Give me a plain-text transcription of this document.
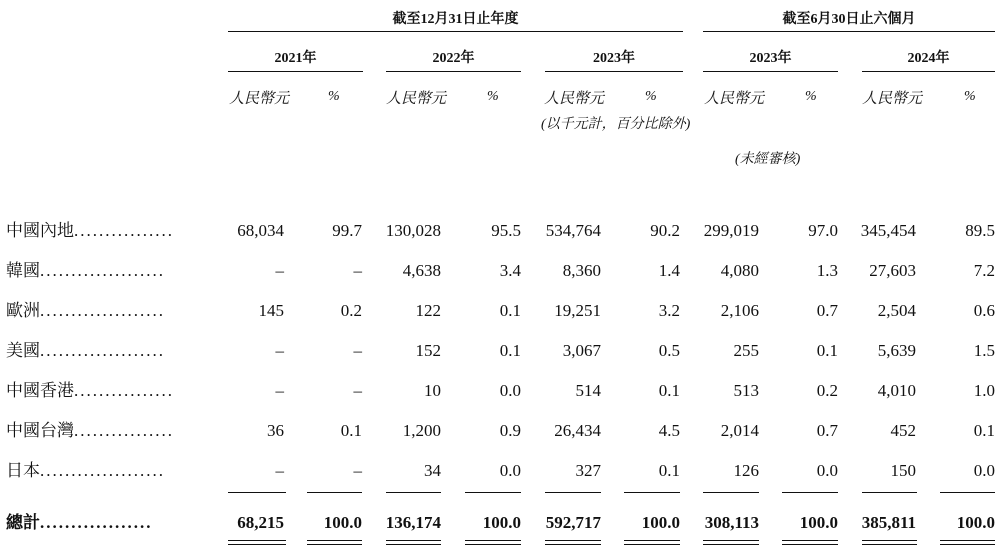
截至12月31日止年度	截至6月30日止六個月
2021年	2022年	2023年	2023年	2024年
人民幣元	%	人民幣元	%	人民幣元	%
(以千元計，百分比除外)
人民幣元	%	人民幣元	%
(未經審核)
中國內地................	68,034	99.7 130,028	95.5 534,764	90.2 299,019	97.0 345,454	89.5
韓國....................	–	– 4,638	3.4 8,360	1.4 4,080	1.3 27,603	7.2
歐洲....................	145	0.2	122	0.1 19,251	3.2 2,106	0.7 2,504	0.6
美國....................	–	–	152	0.1 3,067	0.5	255	0.1 5,639	1.5
中國香港................	–	–	10	0.0	514	0.1	513	0.2 4,010	1.0
中國台灣................	36	0.1 1,200	0.9 26,434	4.5 2,014	0.7	452	0.1
日本....................	–	–	34	0.0	327	0.1	126	0.0	150	0.0
總計..................	68,215 100.0 136,174 100.0 592,717 100.0 308,113 100.0 385,811 100.0
